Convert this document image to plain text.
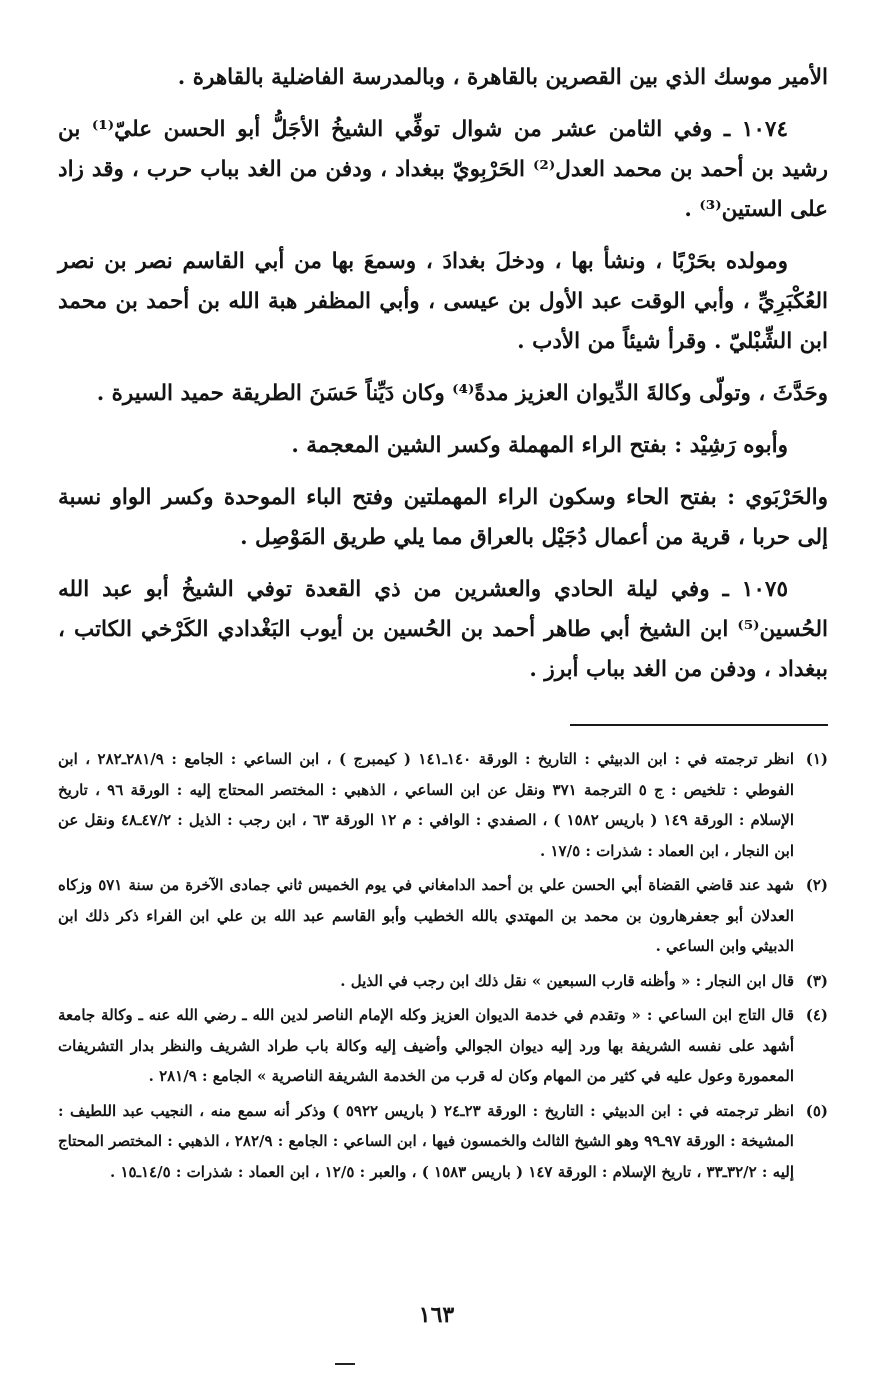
الأمير موسك الذي بين القصرين بالقاهرة ، وبالمدرسة الفاضلية بالقاهرة .

١٠٧٤ ـ وفي الثامن عشر من شوال توفِّي الشيخُ الأجَلُّ أبو الحسن عليّ⁽¹⁾ بن رشيد بن أحمد بن محمد العدل⁽²⁾ الحَرْبِويّ ببغداد ، ودفن من الغد بباب حرب ، وقد زاد على الستين⁽³⁾ .

ومولده بحَرْبًا ، ونشأ بها ، ودخلَ بغدادَ ، وسمعَ بها من أبي القاسم نصر بن نصر العُكْبَرِيِّ ، وأبي الوقت عبد الأول بن عيسى ، وأبي المظفر هبة الله بن أحمد بن محمد ابن الشِّبْليّ . وقرأ شيئاً من الأدب .

وحَدَّثَ ، وتولّى وكالةَ الدِّيوان العزيز مدةً⁽⁴⁾ وكان دَيِّناً حَسَنَ الطريقة حميد السيرة .

وأبوه رَشِيْد : بفتح الراء المهملة وكسر الشين المعجمة .

والحَرْبَوي : بفتح الحاء وسكون الراء المهملتين وفتح الباء الموحدة وكسر الواو نسبة إلى حربا ، قرية من أعمال دُجَيْل بالعراق مما يلي طريق المَوْصِل .

١٠٧٥ ـ وفي ليلة الحادي والعشرين من ذي القعدة توفي الشيخُ أبو عبد الله الحُسين⁽⁵⁾ ابن الشيخ أبي طاهر أحمد بن الحُسين بن أيوب البَغْدادي الكَرْخي الكاتب ، ببغداد ، ودفن من الغد بباب أبرز .

(١)
انظر ترجمته في : ابن الدبيثي : التاريخ : الورقة ١٤٠ـ١٤١ ( كيمبرج ) ، ابن الساعي : الجامع : ٢٨١/٩ـ٢٨٢ ، ابن الفوطي : تلخيص : ج ٥ الترجمة ٣٧١ ونقل عن ابن الساعي ، الذهبي : المختصر المحتاج إليه : الورقة ٩٦ ، تاريخ الإسلام : الورقة ١٤٩ ( باريس ١٥٨٢ ) ، الصفدي : الوافي : م ١٢ الورقة ٦٣ ، ابن رجب : الذيل : ٤٧/٢ـ٤٨ ونقل عن ابن النجار ، ابن العماد : شذرات : ١٧/٥ .
(٢)
شهد عند قاضي القضاة أبي الحسن علي بن أحمد الدامغاني في يوم الخميس ثاني جمادى الآخرة من سنة ٥٧١ وزكاه العدلان أبو جعفرهارون بن محمد بن المهتدي بالله الخطيب وأبو القاسم عبد الله بن علي ابن الفراء ذكر ذلك ابن الدبيثي وابن الساعي .
(٣)
قال ابن النجار : « وأظنه قارب السبعين » نقل ذلك ابن رجب في الذيل .
(٤)
قال التاج ابن الساعي : « وتقدم في خدمة الديوان العزيز وكله الإمام الناصر لدين الله ـ رضي الله عنه ـ وكالة جامعة أشهد على نفسه الشريفة بها ورد إليه ديوان الجوالي وأضيف إليه وكالة باب طراد الشريف والنظر بدار التشريفات المعمورة وعول عليه في كثير من المهام وكان له قرب من الخدمة الشريفة الناصرية » الجامع : ٢٨١/٩ .
(٥)
انظر ترجمته في : ابن الدبيثي : التاريخ : الورقة ٢٣ـ٢٤ ( باريس ٥٩٢٢ ) وذكر أنه سمع منه ، النجيب عبد اللطيف : المشيخة : الورقة ٩٧ـ٩٩ وهو الشيخ الثالث والخمسون فيها ، ابن الساعي : الجامع : ٢٨٢/٩ ، الذهبي : المختصر المحتاج إليه : ٣٢/٢ـ٣٣ ، تاريخ الإسلام : الورقة ١٤٧ ( باريس ١٥٨٣ ) ، والعبر : ١٢/٥ ، ابن العماد : شذرات : ١٤/٥ـ١٥ .
١٦٣
